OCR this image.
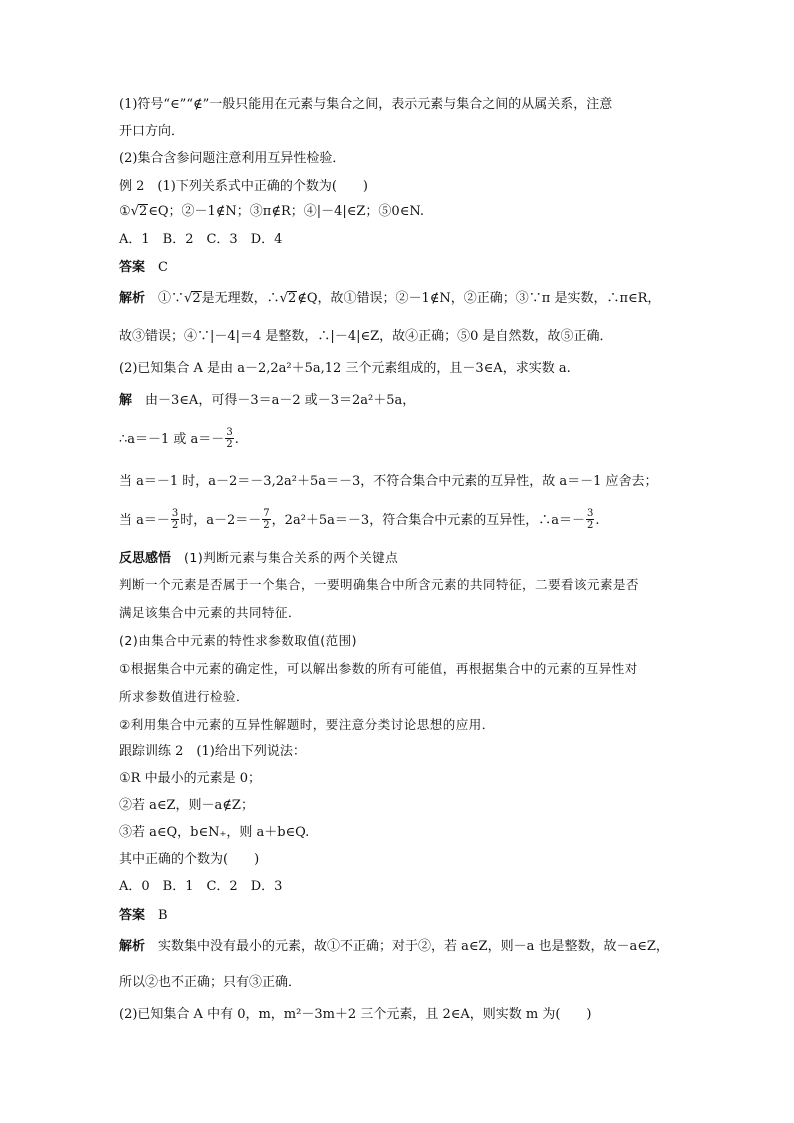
(1)符号“∈”“∉”一般只能用在元素与集合之间，表示元素与集合之间的从属关系，注意
开口方向．
(2)集合含参问题注意利用互异性检验．
例 2　(1)下列关系式中正确的个数为(　　)
①√2∈Q；②－1∉N；③π∉R；④|－4|∈Z；⑤0∈N.
A．1　B．2　C．3　D．4
答案　 C
解析　 ①∵√2是无理数，∴√2∉Q，故①错误；②－1∉N，②正确；③∵π 是实数，∴π∈R，
故③错误；④∵|－4|＝4 是整数，∴|－4|∈Z，故④正确；⑤0 是自然数，故⑤正确．
(2)已知集合 A 是由 a－2,2a²＋5a,12 三个元素组成的，且－3∈A，求实数 a.
解　 由－3∈A，可得－3＝a－2 或－3＝2a²＋5a，
∴a＝－1 或 $a=- \frac{3}{2}$ .
当 a＝－1 时，a－2＝－3,2a²＋5a＝－3，不符合集合中元素的互异性，故 a＝－1 应舍去；
当 $a=- \frac{3}{2}$ 时，$a-2=- \frac{7}{2}$ ，2a²＋5a＝－3，符合集合中元素的互异性，∴a＝－ $\frac{3}{2}$ .
反思感悟　 (1)判断元素与集合关系的两个关键点
判断一个元素是否属于一个集合，一要明确集合中所含元素的共同特征，二要看该元素是否
满足该集合中元素的共同特征．
(2)由集合中元素的特性求参数取值(范围)
①根据集合中元素的确定性，可以解出参数的所有可能值，再根据集合中的元素的互异性对
所求参数值进行检验．
②利用集合中元素的互异性解题时，要注意分类讨论思想的应用．
跟踪训练 2　(1)给出下列说法：
①R 中最小的元素是 0；
②若 a∈Z，则－a∉Z；
③若 a∈Q，b∈N₊，则 a＋b∈Q.
其中正确的个数为(　　)
A．0　B．1　C．2　D．3
答案　 B
解析　 实数集中没有最小的元素，故①不正确；对于②，若 a∈Z，则－a 也是整数，故－a∈Z，
所以②也不正确；只有③正确．
(2)已知集合 A 中有 0，m，m²－3m＋2 三个元素，且 2∈A，则实数 m 为(　　)
